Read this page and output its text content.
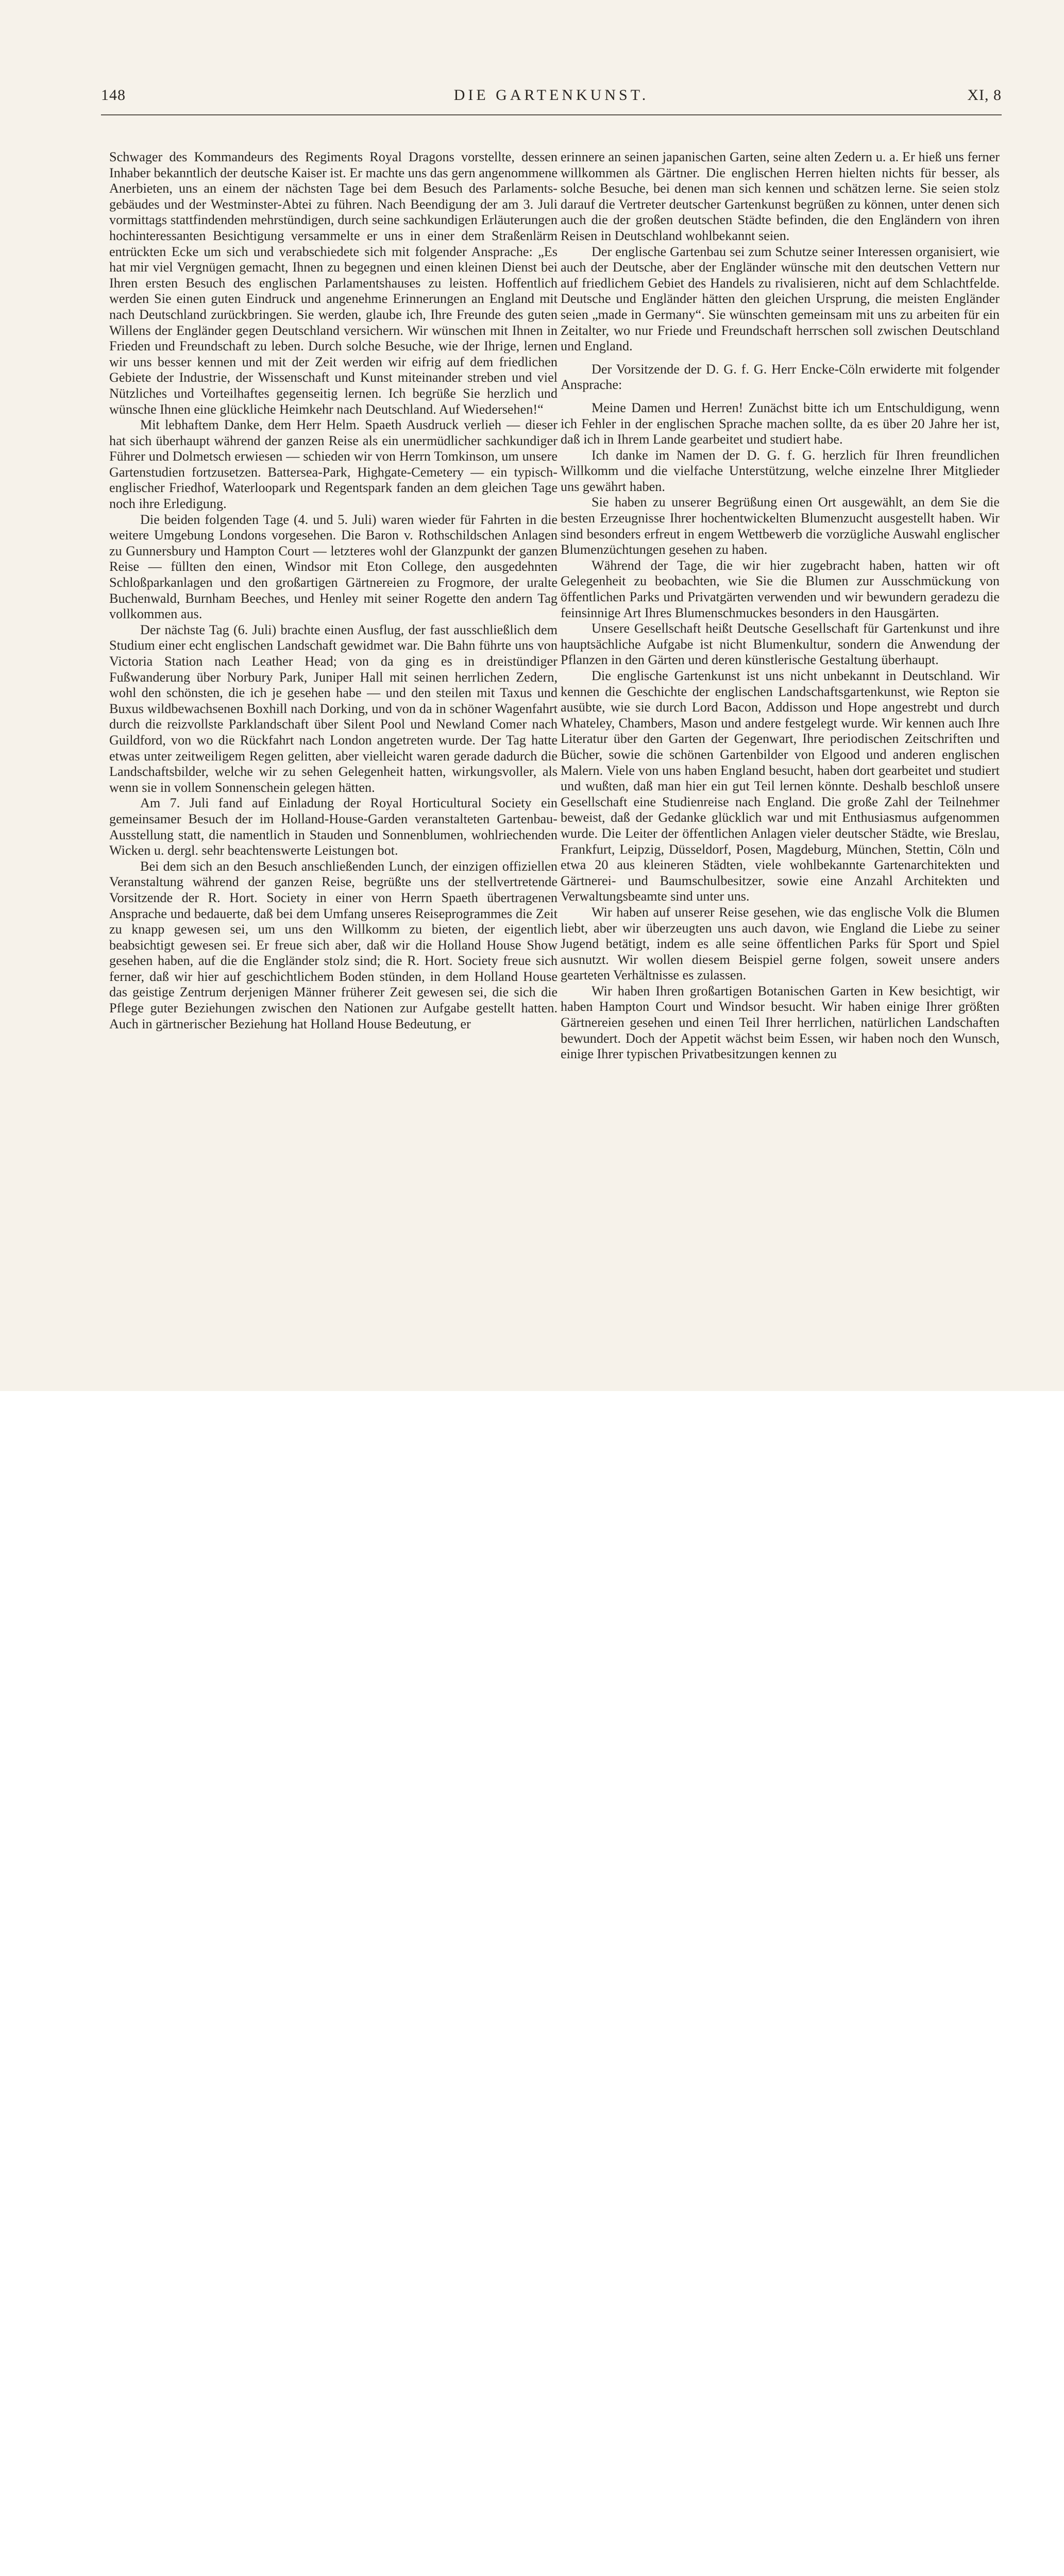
148	DIE GARTENKUNST.	XI, 8

Schwager des Kommandeurs des Regiments Royal Dragons vorstellte, dessen Inhaber bekanntlich der deutsche Kaiser ist. Er machte uns das gern angenommene Anerbieten, uns an einem der nächsten Tage bei dem Besuch des Parlamentsgebäudes und der Westminster-Abtei zu führen. Nach Beendigung der am 3. Juli vormittags stattfindenden mehrstündigen, durch seine sachkundigen Erläuterungen hochinteressanten Besichtigung versammelte er uns in einer dem Straßenlärm entrückten Ecke um sich und verabschiedete sich mit folgender Ansprache: „Es hat mir viel Vergnügen gemacht, Ihnen zu begegnen und einen kleinen Dienst bei Ihren ersten Besuch des englischen Parlamentshauses zu leisten. Hoffentlich werden Sie einen guten Eindruck und angenehme Erinnerungen an England mit nach Deutschland zurückbringen. Sie werden, glaube ich, Ihre Freunde des guten Willens der Engländer gegen Deutschland versichern. Wir wünschen mit Ihnen in Frieden und Freundschaft zu leben. Durch solche Besuche, wie der Ihrige, lernen wir uns besser kennen und mit der Zeit werden wir eifrig auf dem friedlichen Gebiete der Industrie, der Wissenschaft und Kunst miteinander streben und viel Nützliches und Vorteilhaftes gegenseitig lernen. Ich begrüße Sie herzlich und wünsche Ihnen eine glückliche Heimkehr nach Deutschland. Auf Wiedersehen!“

Mit lebhaftem Danke, dem Herr Helm. Spaeth Ausdruck verlieh — dieser hat sich überhaupt während der ganzen Reise als ein unermüdlicher sachkundiger Führer und Dolmetsch erwiesen — schieden wir von Herrn Tomkinson, um unsere Gartenstudien fortzusetzen. Battersea-Park, Highgate-Cemetery — ein typisch-englischer Friedhof, Waterloopark und Regentspark fanden an dem gleichen Tage noch ihre Erledigung.

Die beiden folgenden Tage (4. und 5. Juli) waren wieder für Fahrten in die weitere Umgebung Londons vorgesehen. Die Baron v. Rothschildschen Anlagen zu Gunnersbury und Hampton Court — letzteres wohl der Glanzpunkt der ganzen Reise — füllten den einen, Windsor mit Eton College, den ausgedehnten Schloßparkanlagen und den großartigen Gärtnereien zu Frogmore, der uralte Buchenwald, Burnham Beeches, und Henley mit seiner Rogette den andern Tag vollkommen aus.

Der nächste Tag (6. Juli) brachte einen Ausflug, der fast ausschließlich dem Studium einer echt englischen Landschaft gewidmet war. Die Bahn führte uns von Victoria Station nach Leather Head; von da ging es in dreistündiger Fußwanderung über Norbury Park, Juniper Hall mit seinen herrlichen Zedern, wohl den schönsten, die ich je gesehen habe — und den steilen mit Taxus und Buxus wildbewachsenen Boxhill nach Dorking, und von da in schöner Wagenfahrt durch die reizvollste Parklandschaft über Silent Pool und Newland Comer nach Guildford, von wo die Rückfahrt nach London angetreten wurde. Der Tag hatte etwas unter zeitweiligem Regen gelitten, aber vielleicht waren gerade dadurch die Landschaftsbilder, welche wir zu sehen Gelegenheit hatten, wirkungsvoller, als wenn sie in vollem Sonnenschein gelegen hätten.

Am 7. Juli fand auf Einladung der Royal Horticultural Society ein gemeinsamer Besuch der im Holland-House-Garden veranstalteten Gartenbau-Ausstellung statt, die namentlich in Stauden und Sonnenblumen, wohlriechenden Wicken u. dergl. sehr beachtenswerte Leistungen bot.

Bei dem sich an den Besuch anschließenden Lunch, der einzigen offiziellen Veranstaltung während der ganzen Reise, begrüßte uns der stellvertretende Vorsitzende der R. Hort. Society in einer von Herrn Spaeth übertragenen Ansprache und bedauerte, daß bei dem Umfang unseres Reiseprogrammes die Zeit zu knapp gewesen sei, um uns den Willkomm zu bieten, der eigentlich beabsichtigt gewesen sei. Er freue sich aber, daß wir die Holland House Show gesehen haben, auf die die Engländer stolz sind; die R. Hort. Society freue sich ferner, daß wir hier auf geschichtlichem Boden stünden, in dem Holland House das geistige Zentrum derjenigen Männer früherer Zeit gewesen sei, die sich die Pflege guter Beziehungen zwischen den Nationen zur Aufgabe gestellt hatten. Auch in gärtnerischer Beziehung hat Holland House Bedeutung, er

erinnere an seinen japanischen Garten, seine alten Zedern u. a. Er hieß uns ferner willkommen als Gärtner. Die englischen Herren hielten nichts für besser, als solche Besuche, bei denen man sich kennen und schätzen lerne. Sie seien stolz darauf die Vertreter deutscher Gartenkunst begrüßen zu können, unter denen sich auch die der großen deutschen Städte befinden, die den Engländern von ihren Reisen in Deutschland wohlbekannt seien.

Der englische Gartenbau sei zum Schutze seiner Interessen organisiert, wie auch der Deutsche, aber der Engländer wünsche mit den deutschen Vettern nur auf friedlichem Gebiet des Handels zu rivalisieren, nicht auf dem Schlachtfelde. Deutsche und Engländer hätten den gleichen Ursprung, die meisten Engländer seien „made in Germany“. Sie wünschten gemeinsam mit uns zu arbeiten für ein Zeitalter, wo nur Friede und Freundschaft herrschen soll zwischen Deutschland und England.

Der Vorsitzende der D. G. f. G. Herr Encke-Cöln erwiderte mit folgender Ansprache:

Meine Damen und Herren! Zunächst bitte ich um Entschuldigung, wenn ich Fehler in der englischen Sprache machen sollte, da es über 20 Jahre her ist, daß ich in Ihrem Lande gearbeitet und studiert habe.

Ich danke im Namen der D. G. f. G. herzlich für Ihren freundlichen Willkomm und die vielfache Unterstützung, welche einzelne Ihrer Mitglieder uns gewährt haben.

Sie haben zu unserer Begrüßung einen Ort ausgewählt, an dem Sie die besten Erzeugnisse Ihrer hochentwickelten Blumenzucht ausgestellt haben. Wir sind besonders erfreut in engem Wettbewerb die vorzügliche Auswahl englischer Blumenzüchtungen gesehen zu haben.

Während der Tage, die wir hier zugebracht haben, hatten wir oft Gelegenheit zu beobachten, wie Sie die Blumen zur Ausschmückung von öffentlichen Parks und Privatgärten verwenden und wir bewundern geradezu die feinsinnige Art Ihres Blumenschmuckes besonders in den Hausgärten.

Unsere Gesellschaft heißt Deutsche Gesellschaft für Gartenkunst und ihre hauptsächliche Aufgabe ist nicht Blumenkultur, sondern die Anwendung der Pflanzen in den Gärten und deren künstlerische Gestaltung überhaupt.

Die englische Gartenkunst ist uns nicht unbekannt in Deutschland. Wir kennen die Geschichte der englischen Landschaftsgartenkunst, wie Repton sie ausübte, wie sie durch Lord Bacon, Addisson und Hope angestrebt und durch Whateley, Chambers, Mason und andere festgelegt wurde. Wir kennen auch Ihre Literatur über den Garten der Gegenwart, Ihre periodischen Zeitschriften und Bücher, sowie die schönen Gartenbilder von Elgood und anderen englischen Malern. Viele von uns haben England besucht, haben dort gearbeitet und studiert und wußten, daß man hier ein gut Teil lernen könnte. Deshalb beschloß unsere Gesellschaft eine Studienreise nach England. Die große Zahl der Teilnehmer beweist, daß der Gedanke glücklich war und mit Enthusiasmus aufgenommen wurde. Die Leiter der öffentlichen Anlagen vieler deutscher Städte, wie Breslau, Frankfurt, Leipzig, Düsseldorf, Posen, Magdeburg, München, Stettin, Cöln und etwa 20 aus kleineren Städten, viele wohlbekannte Gartenarchitekten und Gärtnerei- und Baumschulbesitzer, sowie eine Anzahl Architekten und Verwaltungsbeamte sind unter uns.

Wir haben auf unserer Reise gesehen, wie das englische Volk die Blumen liebt, aber wir überzeugten uns auch davon, wie England die Liebe zu seiner Jugend betätigt, indem es alle seine öffentlichen Parks für Sport und Spiel ausnutzt. Wir wollen diesem Beispiel gerne folgen, soweit unsere anders gearteten Verhältnisse es zulassen.

Wir haben Ihren großartigen Botanischen Garten in Kew besichtigt, wir haben Hampton Court und Windsor besucht. Wir haben einige Ihrer größten Gärtnereien gesehen und einen Teil Ihrer herrlichen, natürlichen Landschaften bewundert. Doch der Appetit wächst beim Essen, wir haben noch den Wunsch, einige Ihrer typischen Privatbesitzungen kennen zu
